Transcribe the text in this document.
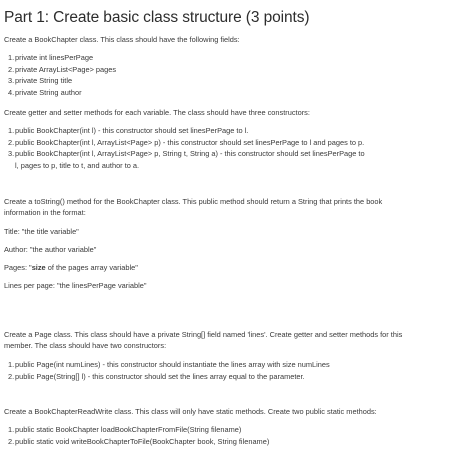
Part 1: Create basic class structure (3 points)

Create a BookChapter class. This class should have the following fields:

1. private int linesPerPage
2. private ArrayList<Page> pages
3. private String title
4. private String author

Create getter and setter methods for each variable. The class should have three constructors:

1. public BookChapter(int l) - this constructor should set linesPerPage to l.
2. public BookChapter(int l, ArrayList<Page> p) - this constructor should set linesPerPage to l and pages to p.
3. public BookChapter(int l, ArrayList<Page> p, String t, String a) - this constructor should set linesPerPage to
l, pages to p, title to t, and author to a.

Create a toString() method for the BookChapter class. This public method should return a String that prints the book
information in the format:

Title: "the title variable"

Author: "the author variable"

Pages: "size of the pages array variable"

Lines per page: "the linesPerPage variable"

Create a Page class. This class should have a private String[] field named 'lines'. Create getter and setter methods for this
member. The class should have two constructors:

1. public Page(int numLines) - this constructor should instantiate the lines array with size numLines
2. public Page(String[] l) - this constructor should set the lines array equal to the parameter.

Create a BookChapterReadWrite class. This class will only have static methods. Create two public static methods:

1. public static BookChapter loadBookChapterFromFile(String filename)
2. public static void writeBookChapterToFile(BookChapter book, String filename)
